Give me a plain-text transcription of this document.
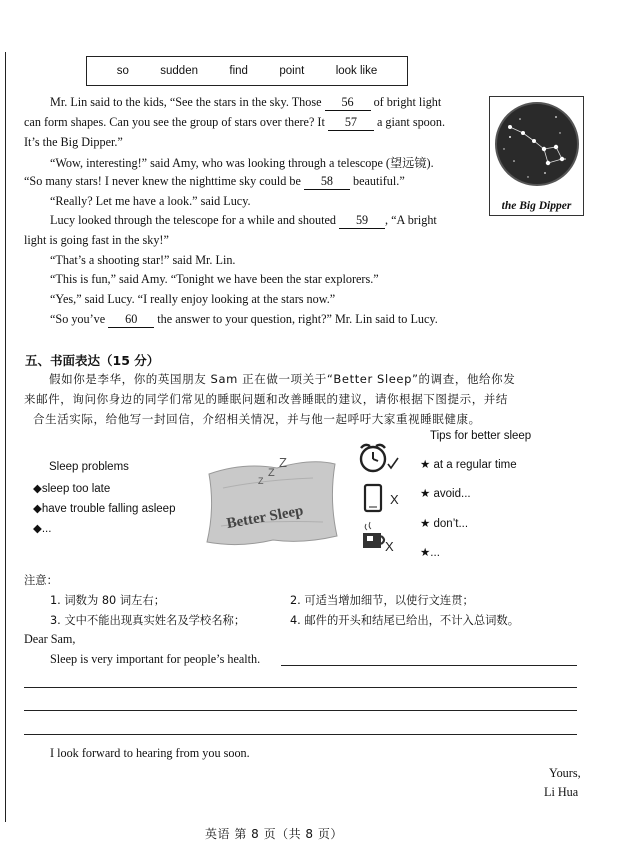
so	sudden	find	point	look like
Mr. Lin said to the kids, “See the stars in the sky. Those 56 of bright light
can form shapes. Can you see the group of stars over there? It 57 a giant spoon.
It’s the Big Dipper.”
“Wow, interesting!” said Amy, who was looking through a telescope (望远镜).
“So many stars! I never knew the nighttime sky could be 58 beautiful.”
“Really? Let me have a look.” said Lucy.
Lucy looked through the telescope for a while and shouted 59 , “A bright
light is going fast in the sky!”
“That’s a shooting star!” said Mr. Lin.
“This is fun,” said Amy. “Tonight we have been the star explorers.”
“Yes,” said Lucy. “I really enjoy looking at the stars now.”
“So you’ve 60 the answer to your question, right?” Mr. Lin said to Lucy.
the Big Dipper
五、书面表达（15 分）
假如你是李华，你的英国朋友 Sam 正在做一项关于“Better Sleep”的调查，他给你发
来邮件，询问你身边的同学们常见的睡眠问题和改善睡眠的建议，请你根据下图提示，并结
合生活实际，给他写一封回信，介绍相关情况，并与他一起呼吁大家重视睡眠健康。
Sleep problems
◆sleep too late
◆have trouble falling asleep
◆...
Z
Z
Z
Better Sleep
X
X
Tips for better sleep
★ at a regular time
★ avoid...
★ don’t...
★...
注意：
1. 词数为 80 词左右；	2. 可适当增加细节，以使行文连贯；
3. 文中不能出现真实姓名及学校名称；	4. 邮件的开头和结尾已给出，不计入总词数。
Dear Sam,
Sleep is very important for people’s health.
I look forward to hearing from you soon.
Yours,
Li Hua
英语 第 8 页（共 8 页）
